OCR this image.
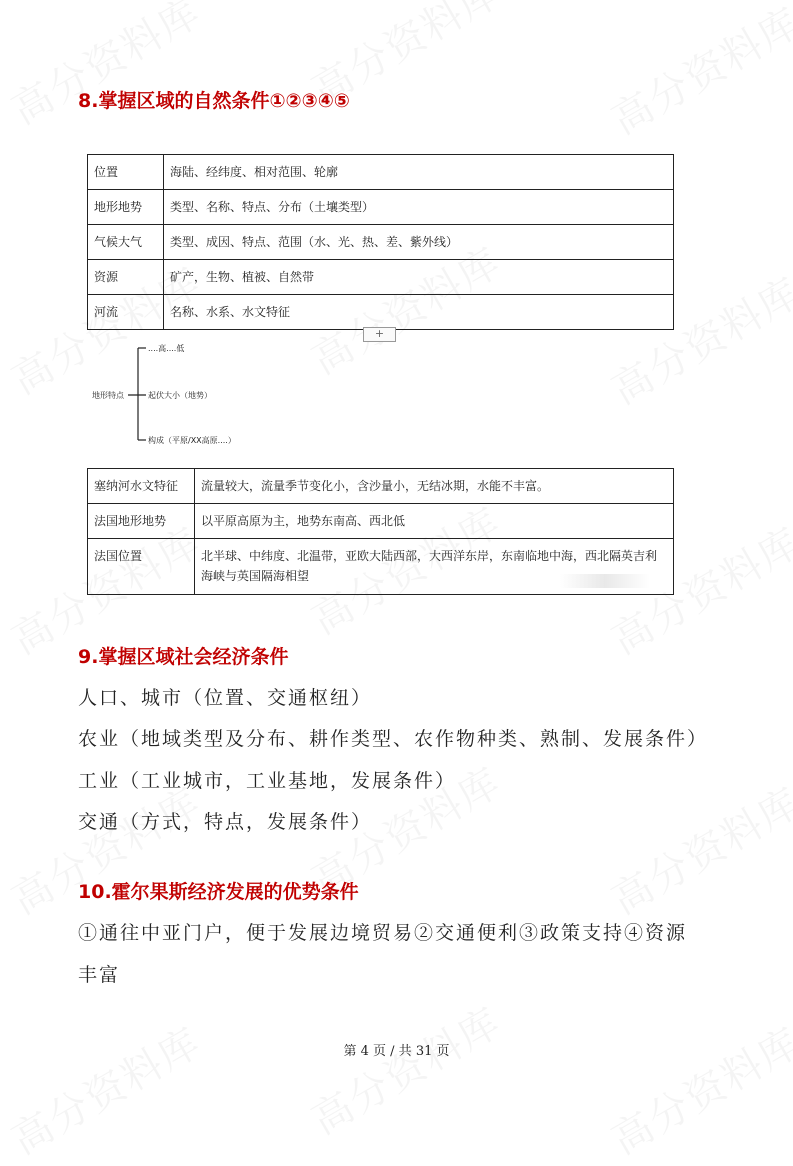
8.掌握区域的自然条件①②③④⑤
位置	海陆、经纬度、相对范围、轮廓
地形地势	类型、名称、特点、分布（土壤类型）
气候大气	类型、成因、特点、范围（水、光、热、差、紫外线）
资源	矿产，生物、植被、自然带
河流	名称、水系、水文特征
+
地形特点
....高....低
起伏大小（地势）
构成（平原/XX高原....）
塞纳河水文特征	流量较大，流量季节变化小，含沙量小，无结冰期，水能不丰富。
法国地形地势	以平原高原为主，地势东南高、西北低
法国位置	北半球、中纬度、北温带，亚欧大陆西部，大西洋东岸，东南临地中海，西北隔英吉利海峡与英国隔海相望
9.掌握区域社会经济条件
人口、城市（位置、交通枢纽）
农业（地域类型及分布、耕作类型、农作物种类、熟制、发展条件）
工业（工业城市，工业基地，发展条件）
交通（方式，特点，发展条件）
10.霍尔果斯经济发展的优势条件
①通往中亚门户，便于发展边境贸易②交通便利③政策支持④资源
丰富
第 4 页 / 共 31 页
